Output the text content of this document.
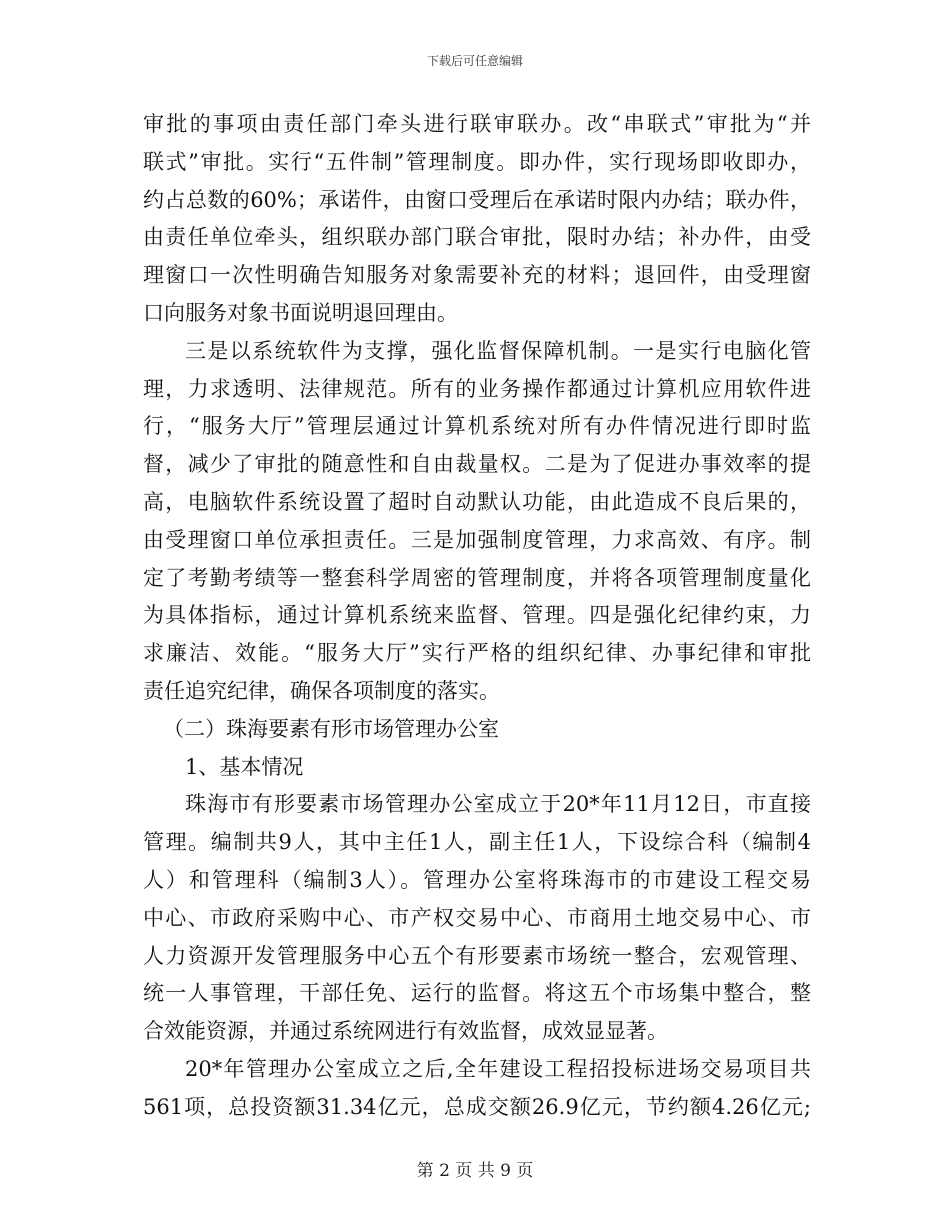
下载后可任意编辑
审批的事项由责任部门牵头进行联审联办。改“串联式”审批为“并
联式”审批。实行“五件制”管理制度。即办件，实行现场即收即办，
约占总数的60%；承诺件，由窗口受理后在承诺时限内办结；联办件，
由责任单位牵头，组织联办部门联合审批，限时办结；补办件，由受
理窗口一次性明确告知服务对象需要补充的材料；退回件，由受理窗
口向服务对象书面说明退回理由。
三是以系统软件为支撑，强化监督保障机制。一是实行电脑化管
理，力求透明、法律规范。所有的业务操作都通过计算机应用软件进
行，“服务大厅”管理层通过计算机系统对所有办件情况进行即时监
督，减少了审批的随意性和自由裁量权。二是为了促进办事效率的提
高，电脑软件系统设置了超时自动默认功能，由此造成不良后果的，
由受理窗口单位承担责任。三是加强制度管理，力求高效、有序。制
定了考勤考绩等一整套科学周密的管理制度，并将各项管理制度量化
为具体指标，通过计算机系统来监督、管理。四是强化纪律约束，力
求廉洁、效能。“服务大厅”实行严格的组织纪律、办事纪律和审批
责任追究纪律，确保各项制度的落实。
（二）珠海要素有形市场管理办公室
1、基本情况
珠海市有形要素市场管理办公室成立于20*年11月12日，市直接
管理。编制共9人，其中主任1人，副主任1人，下设综合科（编制4
人）和管理科（编制3人）。管理办公室将珠海市的市建设工程交易
中心、市政府采购中心、市产权交易中心、市商用土地交易中心、市
人力资源开发管理服务中心五个有形要素市场统一整合，宏观管理、
统一人事管理，干部任免、运行的监督。将这五个市场集中整合，整
合效能资源，并通过系统网进行有效监督，成效显显著。
20*年管理办公室成立之后,全年建设工程招投标进场交易项目共
561项，总投资额31.34亿元，总成交额26.9亿元，节约额4.26亿元;
第 2 页 共 9 页
